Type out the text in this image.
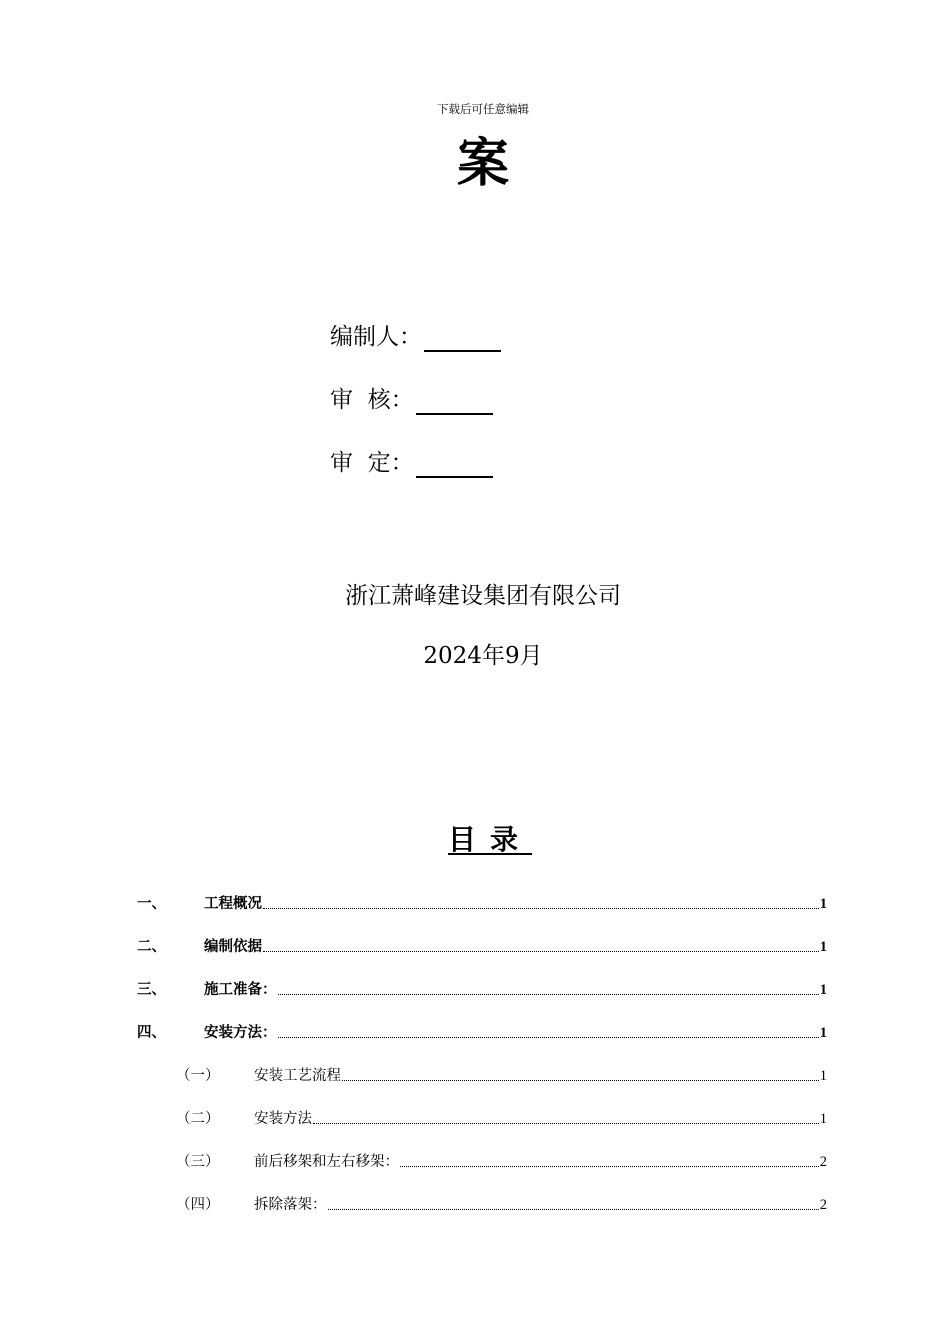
下载后可任意编辑
案
编制人：
审  核：
审  定：
浙江萧峰建设集团有限公司
2024年9月
目录
一、	工程概况	1
二、	编制依据	1
三、	施工准备：	1
四、	安装方法：	1
（一）	安装工艺流程	1
（二）	安装方法	1
（三）	前后移架和左右移架：	2
（四）	拆除落架：	2
